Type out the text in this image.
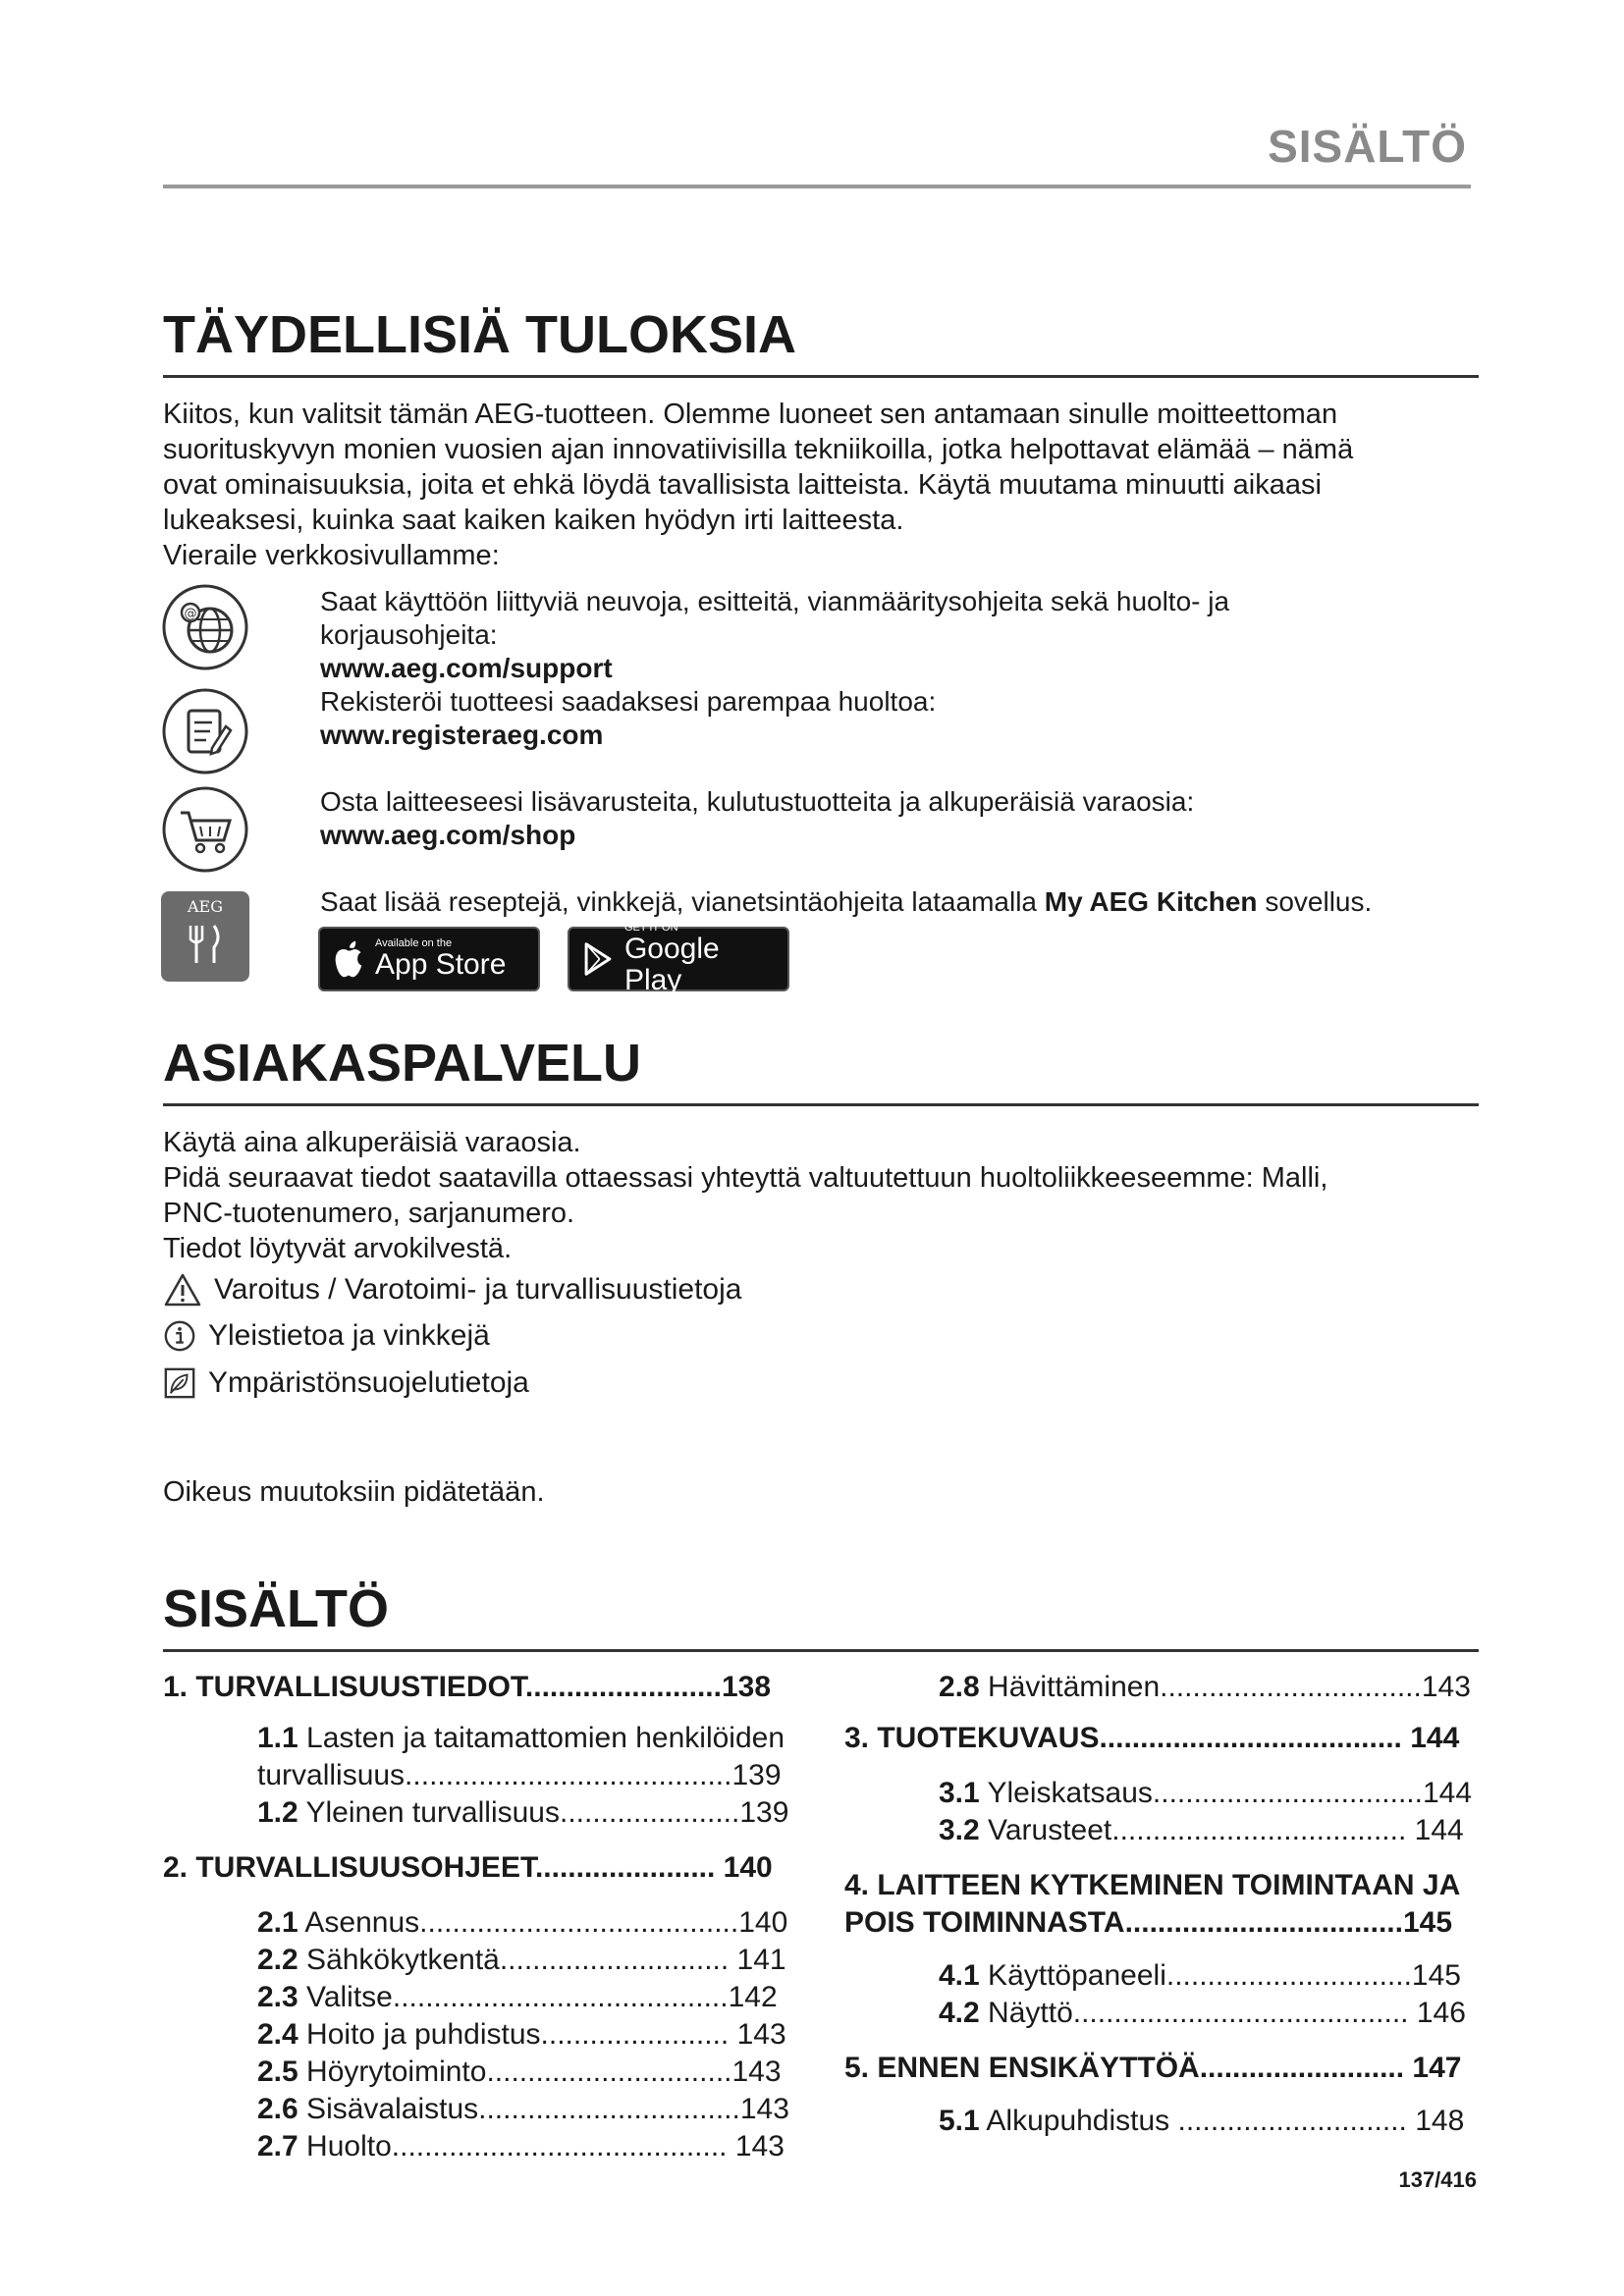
SISÄLTÖ
TÄYDELLISIÄ TULOKSIA

Kiitos, kun valitsit tämän AEG-tuotteen. Olemme luoneet sen antamaan sinulle moitteettoman

suorituskyvyn monien vuosien ajan innovatiivisilla tekniikoilla, jotka helpottavat elämää – nämä

ovat ominaisuuksia, joita et ehkä löydä tavallisista laitteista. Käytä muutama minuutti aikaasi

lukeaksesi, kuinka saat kaiken kaiken hyödyn irti laitteesta.

Vieraile verkkosivullamme:

@	Saat käyttöön liittyviä neuvoja, esitteitä, vianmääritysohjeita sekä huolto- ja
korjausohjeita:
www.aeg.com/support
Rekisteröi tuotteesi saadaksesi parempaa huoltoa:
www.registeraeg.com
Osta laitteeseesi lisävarusteita, kulutustuotteita ja alkuperäisiä varaosia:
www.aeg.com/shop
AEG	Saat lisää reseptejä, vinkkejä, vianetsintäohjeita lataamalla My AEG Kitchen sovellus.
Available on the
App Store
GET IT ON
Google Play
ASIAKASPALVELU

Käytä aina alkuperäisiä varaosia.

Pidä seuraavat tiedot saatavilla ottaessasi yhteyttä valtuutettuun huoltoliikkeeseemme: Malli,

PNC-tuotenumero, sarjanumero.

Tiedot löytyvät arvokilvestä.

Varoitus / Varotoimi- ja turvallisuustietoja
Yleistietoa ja vinkkejä
Ympäristönsuojelutietoja
Oikeus muutoksiin pidätetään.
SISÄLTÖ
1. TURVALLISUUSTIEDOT........................138
1.1 Lasten ja taitamattomien henkilöiden
turvallisuus........................................139
1.2 Yleinen turvallisuus......................139
2. TURVALLISUUSOHJEET...................... 140
2.1 Asennus.......................................140
2.2 Sähkökytkentä............................ 141
2.3 Valitse.........................................142
2.4 Hoito ja puhdistus....................... 143
2.5 Höyrytoiminto..............................143
2.6 Sisävalaistus................................143
2.7 Huolto......................................... 143
2.8 Hävittäminen................................143
3. TUOTEKUVAUS..................................... 144
3.1 Yleiskatsaus.................................144
3.2 Varusteet.................................... 144
4. LAITTEEN KYTKEMINEN TOIMINTAAN JA
POIS TOIMINNASTA..................................145
4.1 Käyttöpaneeli..............................145
4.2 Näyttö......................................... 146
5. ENNEN ENSIKÄYTTÖÄ......................... 147
5.1 Alkupuhdistus ............................ 148
137/416
